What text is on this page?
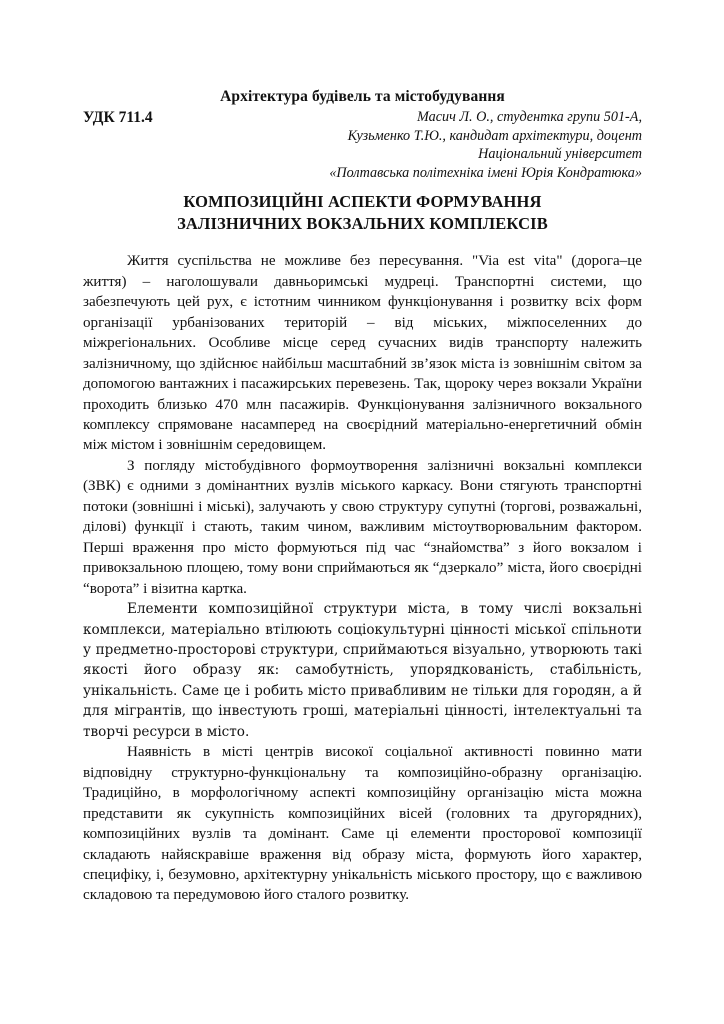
Архітектура будівель та містобудування
УДК 711.4	Масич Л. О., студентка групи 501-А,
Кузьменко Т.Ю., кандидат архітектури, доцент
Національний університет
«Полтавська політехніка імені Юрія Кондратюка»
КОМПОЗИЦІЙНІ АСПЕКТИ ФОРМУВАННЯ
ЗАЛІЗНИЧНИХ ВОКЗАЛЬНИХ КОМПЛЕКСІВ

Життя суспільства не можливе без пересування. "Via est vita" (дорога–це життя) – наголошували давньоримські мудреці. Транспортні системи, що забезпечують цей рух, є істотним чинником функціонування і розвитку всіх форм організації урбанізованих територій – від міських, міжпоселенних до міжрегіональних. Особливе місце серед сучасних видів транспорту належить залізничному, що здійснює найбільш масштабний зв’язок міста із зовнішнім світом за допомогою вантажних і пасажирських перевезень. Так, щороку через вокзали України проходить близько 470 млн пасажирів. Функціонування залізничного вокзального комплексу спрямоване насамперед на своєрідний матеріально-енергетичний обмін між містом і зовнішнім середовищем.

З погляду містобудівного формоутворення залізничні вокзальні комплекси (ЗВК) є одними з домінантних вузлів міського каркасу. Вони стягують транспортні потоки (зовнішні і міські), залучають у свою структуру супутні (торгові, розважальні, ділові) функції і стають, таким чином, важливим містоутворювальним фактором. Перші враження про місто формуються під час “знайомства” з його вокзалом і привокзальною площею, тому вони сприймаються як “дзеркало” міста, його своєрідні “ворота” і візитна картка.

Елементи композиційної структури міста, в тому числі вокзальні комплекси, матеріально втілюють соціокультурні цінності міської спільноти у предметно-просторові структури, сприймаються візуально, утворюють такі якості його образу як: самобутність, упорядкованість, стабільність, унікальність. Саме це і робить місто привабливим не тільки для городян, а й для мігрантів, що інвестують гроші, матеріальні цінності, інтелектуальні та творчі ресурси в місто.

Наявність в місті центрів високої соціальної активності повинно мати відповідну структурно-функціональну та композиційно-образну організацію. Традиційно, в морфологічному аспекті композиційну організацію міста можна представити як сукупність композиційних вісей (головних та другорядних), композиційних вузлів та домінант. Саме ці елементи просторової композиції складають найяскравіше враження від образу міста, формують його характер, специфіку, і, безумовно, архітектурну унікальність міського простору, що є важливою складовою та передумовою його сталого розвитку.
